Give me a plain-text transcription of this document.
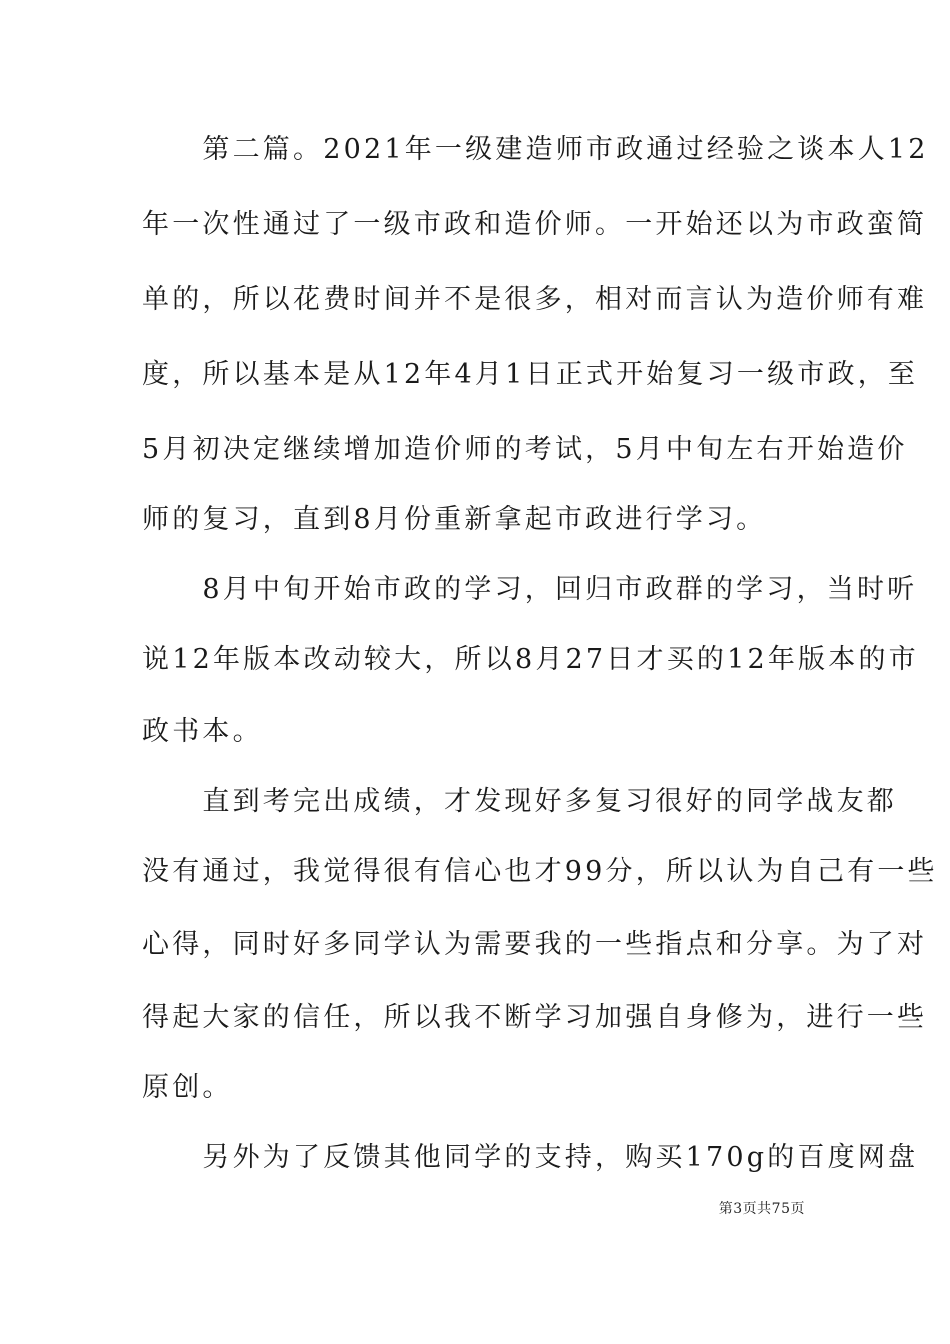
　　第二篇。2021年一级建造师市政通过经验之谈本人12

年一次性通过了一级市政和造价师。一开始还以为市政蛮简

单的，所以花费时间并不是很多，相对而言认为造价师有难

度，所以基本是从12年4月1日正式开始复习一级市政，至

5月初决定继续增加造价师的考试，5月中旬左右开始造价

师的复习，直到8月份重新拿起市政进行学习。

　　8月中旬开始市政的学习，回归市政群的学习，当时听

说12年版本改动较大，所以8月27日才买的12年版本的市

政书本。

　　直到考完出成绩，才发现好多复习很好的同学战友都

没有通过，我觉得很有信心也才99分，所以认为自己有一些

心得，同时好多同学认为需要我的一些指点和分享。为了对

得起大家的信任，所以我不断学习加强自身修为，进行一些

原创。

　　另外为了反馈其他同学的支持，购买170g的百度网盘

第3页共75页
